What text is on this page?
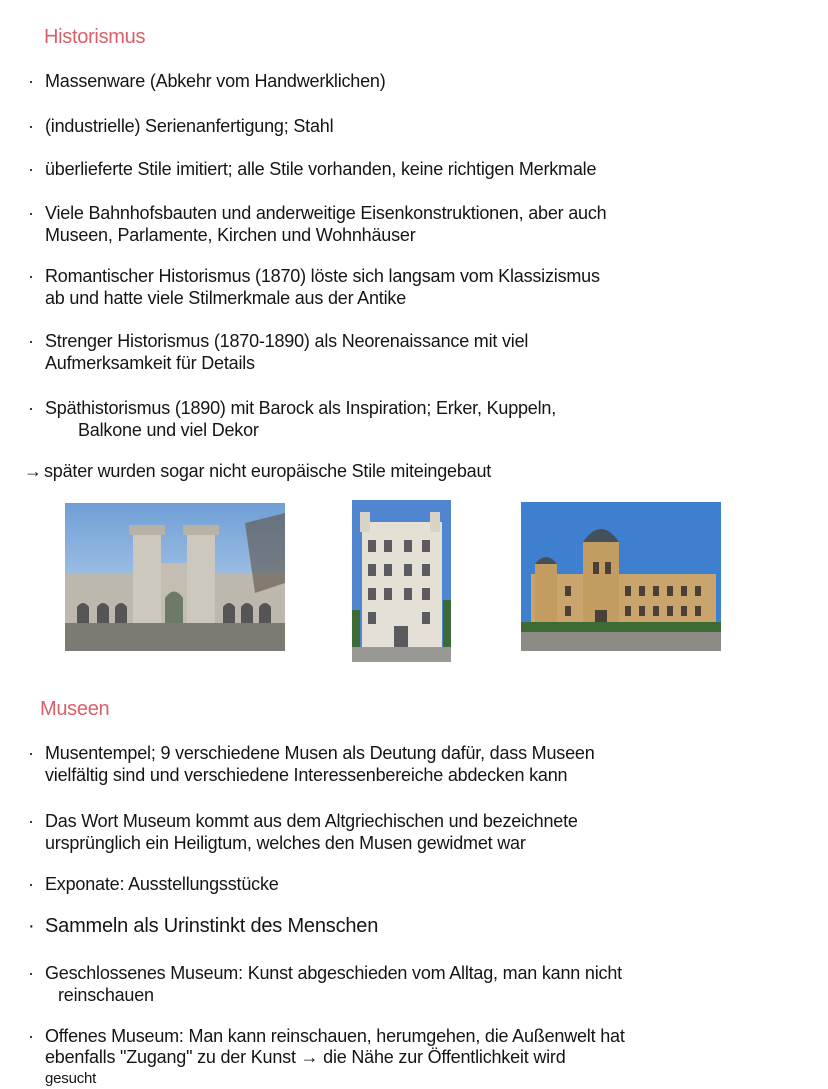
Historismus
· Massenware (Abkehr vom Handwerklichen)
· (industrielle) Serienanfertigung; Stahl
· überlieferte Stile imitiert; alle Stile vorhanden, keine richtigen Merkmale
· Viele Bahnhofsbauten und anderweitige Eisenkonstruktionen, aber auch
Museen, Parlamente, Kirchen und Wohnhäuser
· Romantischer Historismus (1870) löste sich langsam vom Klassizismus
ab und hatte viele Stilmerkmale aus der Antike
· Strenger Historismus (1870-1890) als Neorenaissance mit viel
Aufmerksamkeit für Details
· Späthistorismus (1890) mit Barock als Inspiration; Erker, Kuppeln,
Balkone und viel Dekor
→ später wurden sogar nicht europäische Stile miteingebaut
Museen
· Musentempel; 9 verschiedene Musen als Deutung dafür, dass Museen
vielfältig sind und verschiedene Interessenbereiche abdecken kann
· Das Wort Museum kommt aus dem Altgriechischen und bezeichnete
ursprünglich ein Heiligtum, welches den Musen gewidmet war
· Exponate: Ausstellungsstücke
· Sammeln als Urinstinkt des Menschen
· Geschlossenes Museum: Kunst abgeschieden vom Alltag, man kann nicht
reinschauen
· Offenes Museum: Man kann reinschauen, herumgehen, die Außenwelt hat
ebenfalls "Zugang" zu der Kunst → die Nähe zur Öffentlichkeit wird
gesucht
